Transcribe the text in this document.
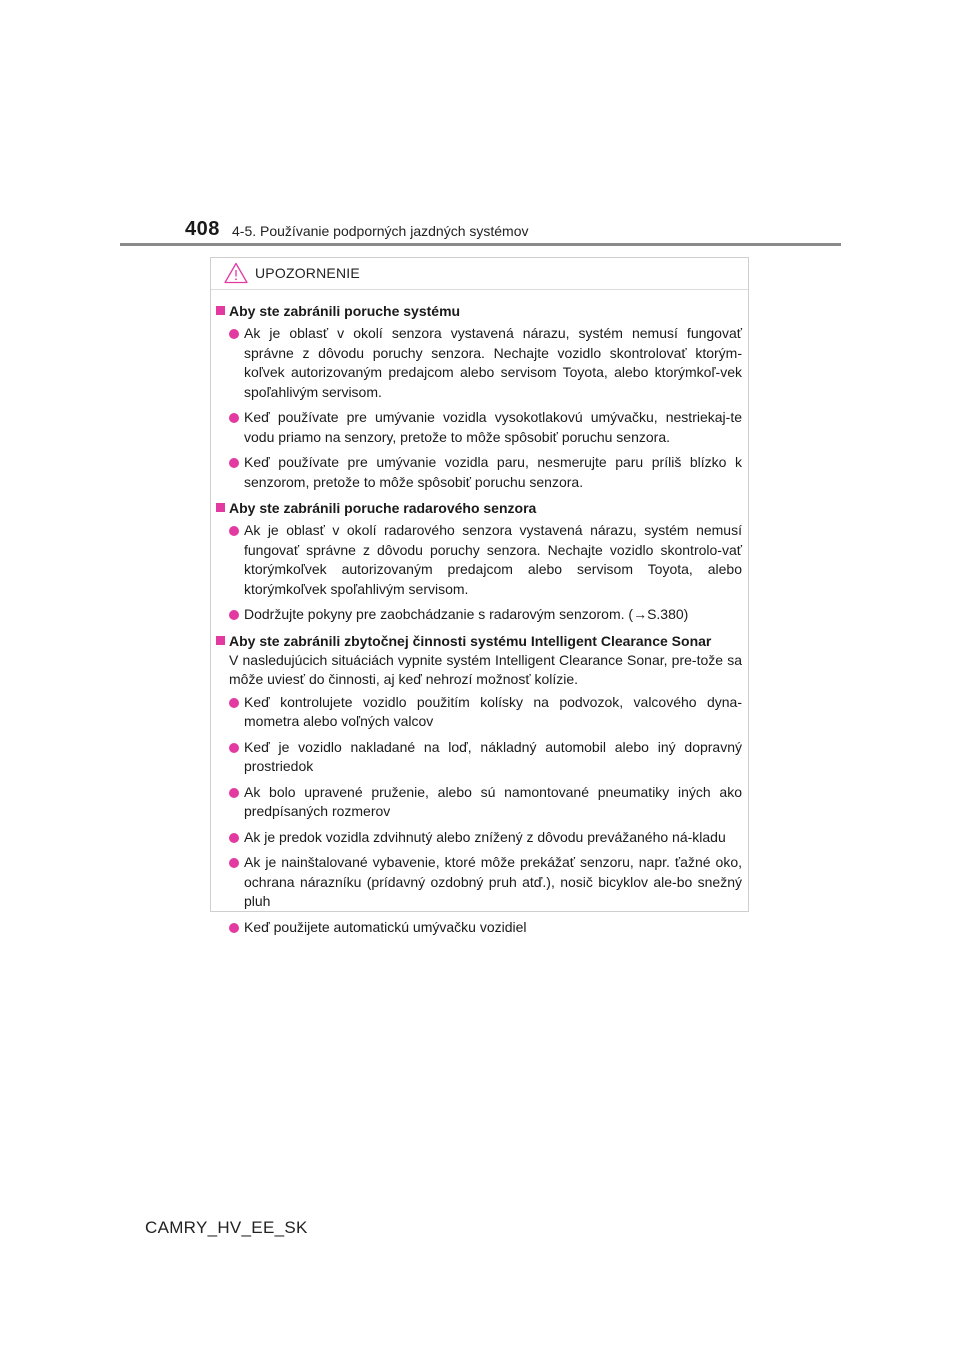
408 4-5. Používanie podporných jazdných systémov
UPOZORNENIE
Aby ste zabránili poruche systému
Ak je oblasť v okolí senzora vystavená nárazu, systém nemusí fungovať správne z dôvodu poruchy senzora. Nechajte vozidlo skontrolovať ktorým-koľvek autorizovaným predajcom alebo servisom Toyota, alebo ktorýmkoľ-vek spoľahlivým servisom.
Keď používate pre umývanie vozidla vysokotlakovú umývačku, nestriekaj-te vodu priamo na senzory, pretože to môže spôsobiť poruchu senzora.
Keď používate pre umývanie vozidla paru, nesmerujte paru príliš blízko k senzorom, pretože to môže spôsobiť poruchu senzora.
Aby ste zabránili poruche radarového senzora
Ak je oblasť v okolí radarového senzora vystavená nárazu, systém nemusí fungovať správne z dôvodu poruchy senzora. Nechajte vozidlo skontrolo-vať ktorýmkoľvek autorizovaným predajcom alebo servisom Toyota, alebo ktorýmkoľvek spoľahlivým servisom.
Dodržujte pokyny pre zaobchádzanie s radarovým senzorom. (→S.380)
Aby ste zabránili zbytočnej činnosti systému Intelligent Clearance Sonar
V nasledujúcich situáciách vypnite systém Intelligent Clearance Sonar, pre-tože sa môže uviesť do činnosti, aj keď nehrozí možnosť kolízie.
Keď kontrolujete vozidlo použitím kolísky na podvozok, valcového dyna-mometra alebo voľných valcov
Keď je vozidlo nakladané na loď, nákladný automobil alebo iný dopravný prostriedok
Ak bolo upravené pruženie, alebo sú namontované pneumatiky iných ako predpísaných rozmerov
Ak je predok vozidla zdvihnutý alebo znížený z dôvodu prevážaného ná-kladu
Ak je nainštalované vybavenie, ktoré môže prekážať senzoru, napr. ťažné oko, ochrana nárazníku (prídavný ozdobný pruh atď.), nosič bicyklov ale-bo snežný pluh
Keď použijete automatickú umývačku vozidiel
CAMRY_HV_EE_SK
